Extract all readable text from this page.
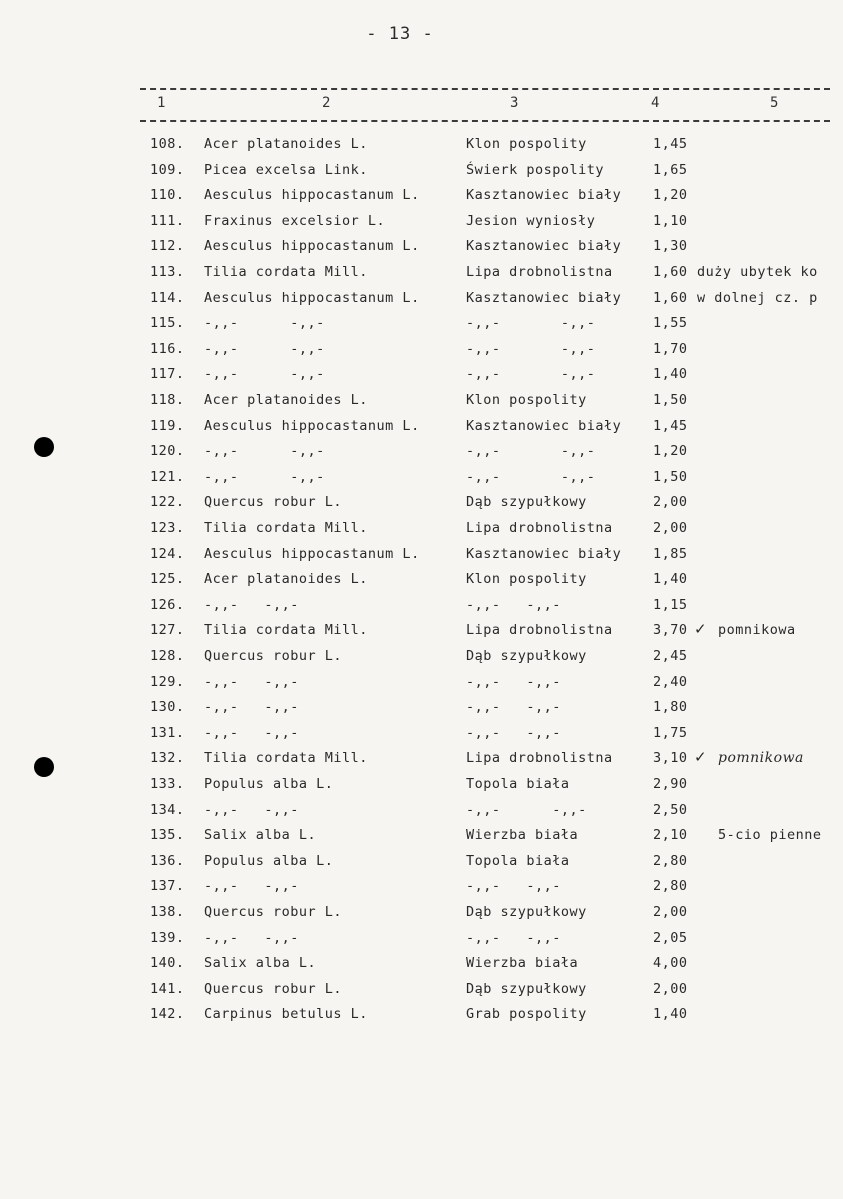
- 13 -
1	2	3	4	5
108. Acer platanoides L.	Klon pospolity	1,45
109. Picea excelsa Link.	Świerk pospolity	1,65
110. Aesculus hippocastanum L.	Kasztanowiec biały 1,20
111. Fraxinus excelsior L.	Jesion wyniosły	1,10
112. Aesculus hippocastanum L.	Kasztanowiec biały 1,30
113. Tilia cordata Mill.	Lipa drobnolistna	1,60 duży ubytek ko
114. Aesculus hippocastanum L.	Kasztanowiec biały 1,60 w dolnej cz. p
115. -,,-      -,,-	-,,-       -,,-	1,55
116. -,,-      -,,-	-,,-       -,,-	1,70
117. -,,-      -,,-	-,,-       -,,-	1,40
118. Acer platanoides L.	Klon pospolity	1,50
119. Aesculus hippocastanum L.	Kasztanowiec biały 1,45
120. -,,-      -,,-	-,,-       -,,-	1,20
121. -,,-      -,,-	-,,-       -,,-	1,50
122. Quercus robur L.	Dąb szypułkowy	2,00
123. Tilia cordata Mill.	Lipa drobnolistna	2,00
124. Aesculus hippocastanum L.	Kasztanowiec biały 1,85
125. Acer platanoides L.	Klon pospolity	1,40
126. -,,-   -,,-	-,,-   -,,-	1,15
127. Tilia cordata Mill.	Lipa drobnolistna	3,70 ✓ pomnikowa
128. Quercus robur L.	Dąb szypułkowy	2,45
129. -,,-   -,,-	-,,-   -,,-	2,40
130. -,,-   -,,-	-,,-   -,,-	1,80
131. -,,-   -,,-	-,,-   -,,-	1,75
132. Tilia cordata Mill.	Lipa drobnolistna	3,10 ✓ pomnikowa
133. Populus alba L.	Topola biała	2,90
134. -,,-   -,,-	-,,-      -,,-	2,50
135. Salix alba L.	Wierzba biała	2,10 5-cio pienne
136. Populus alba L.	Topola biała	2,80
137. -,,-   -,,-	-,,-   -,,-	2,80
138. Quercus robur L.	Dąb szypułkowy	2,00
139. -,,-   -,,-	-,,-   -,,-	2,05
140. Salix alba L.	Wierzba biała	4,00
141. Quercus robur L.	Dąb szypułkowy	2,00
142. Carpinus betulus L.	Grab pospolity	1,40
